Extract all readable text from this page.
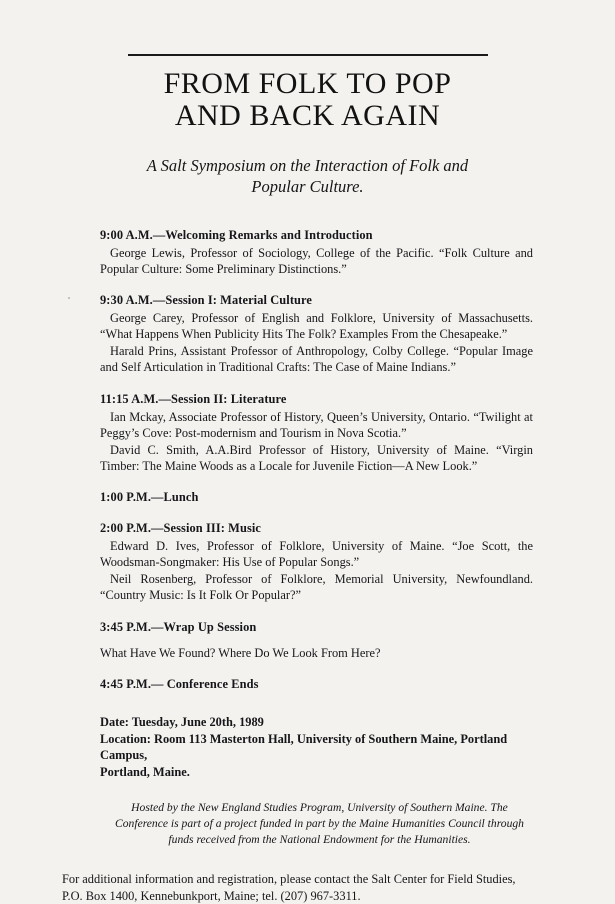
FROM FOLK TO POP
AND BACK AGAIN
A Salt Symposium on the Interaction of Folk and
Popular Culture.
9:00 A.M.—Welcoming Remarks and Introduction

George Lewis, Professor of Sociology, College of the Pacific. “Folk Culture and Popular Culture: Some Preliminary Distinctions.”

9:30 A.M.—Session I: Material Culture

George Carey, Professor of English and Folklore, University of Massachusetts. “What Happens When Publicity Hits The Folk? Examples From the Chesapeake.”

Harald Prins, Assistant Professor of Anthropology, Colby College. “Popular Image and Self Articulation in Traditional Crafts: The Case of Maine Indians.”

11:15 A.M.—Session II: Literature

Ian Mckay, Associate Professor of History, Queen’s University, Ontario. “Twilight at Peggy’s Cove: Post-modernism and Tourism in Nova Scotia.”

David C. Smith, A.A.Bird Professor of History, University of Maine. “Virgin Timber: The Maine Woods as a Locale for Juvenile Fiction—A New Look.”

1:00 P.M.—Lunch
2:00 P.M.—Session III: Music

Edward D. Ives, Professor of Folklore, University of Maine. “Joe Scott, the Woodsman-Songmaker: His Use of Popular Songs.”

Neil Rosenberg, Professor of Folklore, Memorial University, Newfoundland. “Country Music: Is It Folk Or Popular?”

3:45 P.M.—Wrap Up Session

What Have We Found? Where Do We Look From Here?

4:45 P.M.— Conference Ends
Date: Tuesday, June 20th, 1989
Location: Room 113 Masterton Hall, University of Southern Maine, Portland Campus,
Portland, Maine.
Hosted by the New England Studies Program, University of Southern Maine. The Conference is part of a project funded in part by the Maine Humanities Council through funds received from the National Endowment for the Humanities.
For additional information and registration, please contact the Salt Center for Field Studies, P.O. Box 1400, Kennebunkport, Maine; tel. (207) 967-3311.
